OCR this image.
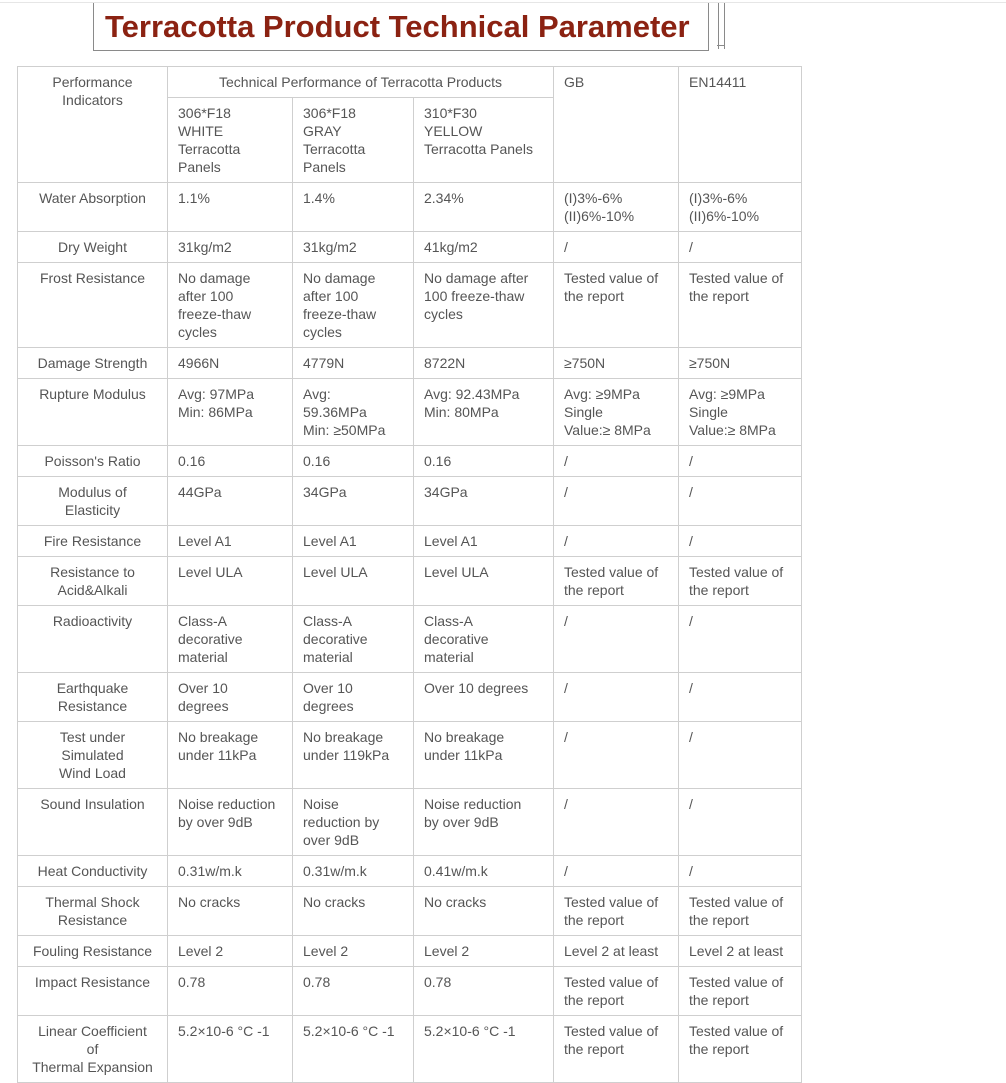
Terracotta Product Technical Parameter
Performance
Indicators	Technical Performance of Terracotta Products			GB	EN14411
	306*F18
WHITE
Terracotta
Panels	306*F18
GRAY
Terracotta
Panels	310*F30
YELLOW
Terracotta Panels		
Water Absorption	1.1%	1.4%	2.34%	(I)3%-6%
(II)6%-10%	(I)3%-6%
(II)6%-10%
Dry Weight	31kg/m2	31kg/m2	41kg/m2	/	/
Frost Resistance	No damage
after 100
freeze-thaw
cycles	No damage
after 100
freeze-thaw
cycles	No damage after
100 freeze-thaw
cycles	Tested value of
the report	Tested value of
the report
Damage Strength	4966N	4779N	8722N	≥750N	≥750N
Rupture Modulus	Avg: 97MPa
Min: 86MPa	Avg:
59.36MPa
Min: ≥50MPa	Avg: 92.43MPa
Min: 80MPa	Avg: ≥9MPa
Single
Value:≥ 8MPa	Avg: ≥9MPa
Single
Value:≥ 8MPa
Poisson's Ratio	0.16	0.16	0.16	/	/
Modulus of
Elasticity	44GPa	34GPa	34GPa	/	/
Fire Resistance	Level A1	Level A1	Level A1	/	/
Resistance to
Acid&Alkali	Level ULA	Level ULA	Level ULA	Tested value of
the report	Tested value of
the report
Radioactivity	Class-A
decorative
material	Class-A
decorative
material	Class-A
decorative
material	/	/
Earthquake
Resistance	Over 10
degrees	Over 10
degrees	Over 10 degrees	/	/
Test under
Simulated
Wind Load	No breakage
under 11kPa	No breakage
under 119kPa	No breakage
under 11kPa	/	/
Sound Insulation	Noise reduction
by over 9dB	Noise
reduction by
over 9dB	Noise reduction
by over 9dB	/	/
Heat Conductivity	0.31w/m.k	0.31w/m.k	0.41w/m.k	/	/
Thermal Shock
Resistance	No cracks	No cracks	No cracks	Tested value of
the report	Tested value of
the report
Fouling Resistance	Level 2	Level 2	Level 2	Level 2 at least	Level 2 at least
Impact Resistance	0.78	0.78	0.78	Tested value of
the report	Tested value of
the report
Linear Coefficient
of
Thermal Expansion	5.2×10-6 °C -1	5.2×10-6 °C -1	5.2×10-6 °C -1	Tested value of
the report	Tested value of
the report
